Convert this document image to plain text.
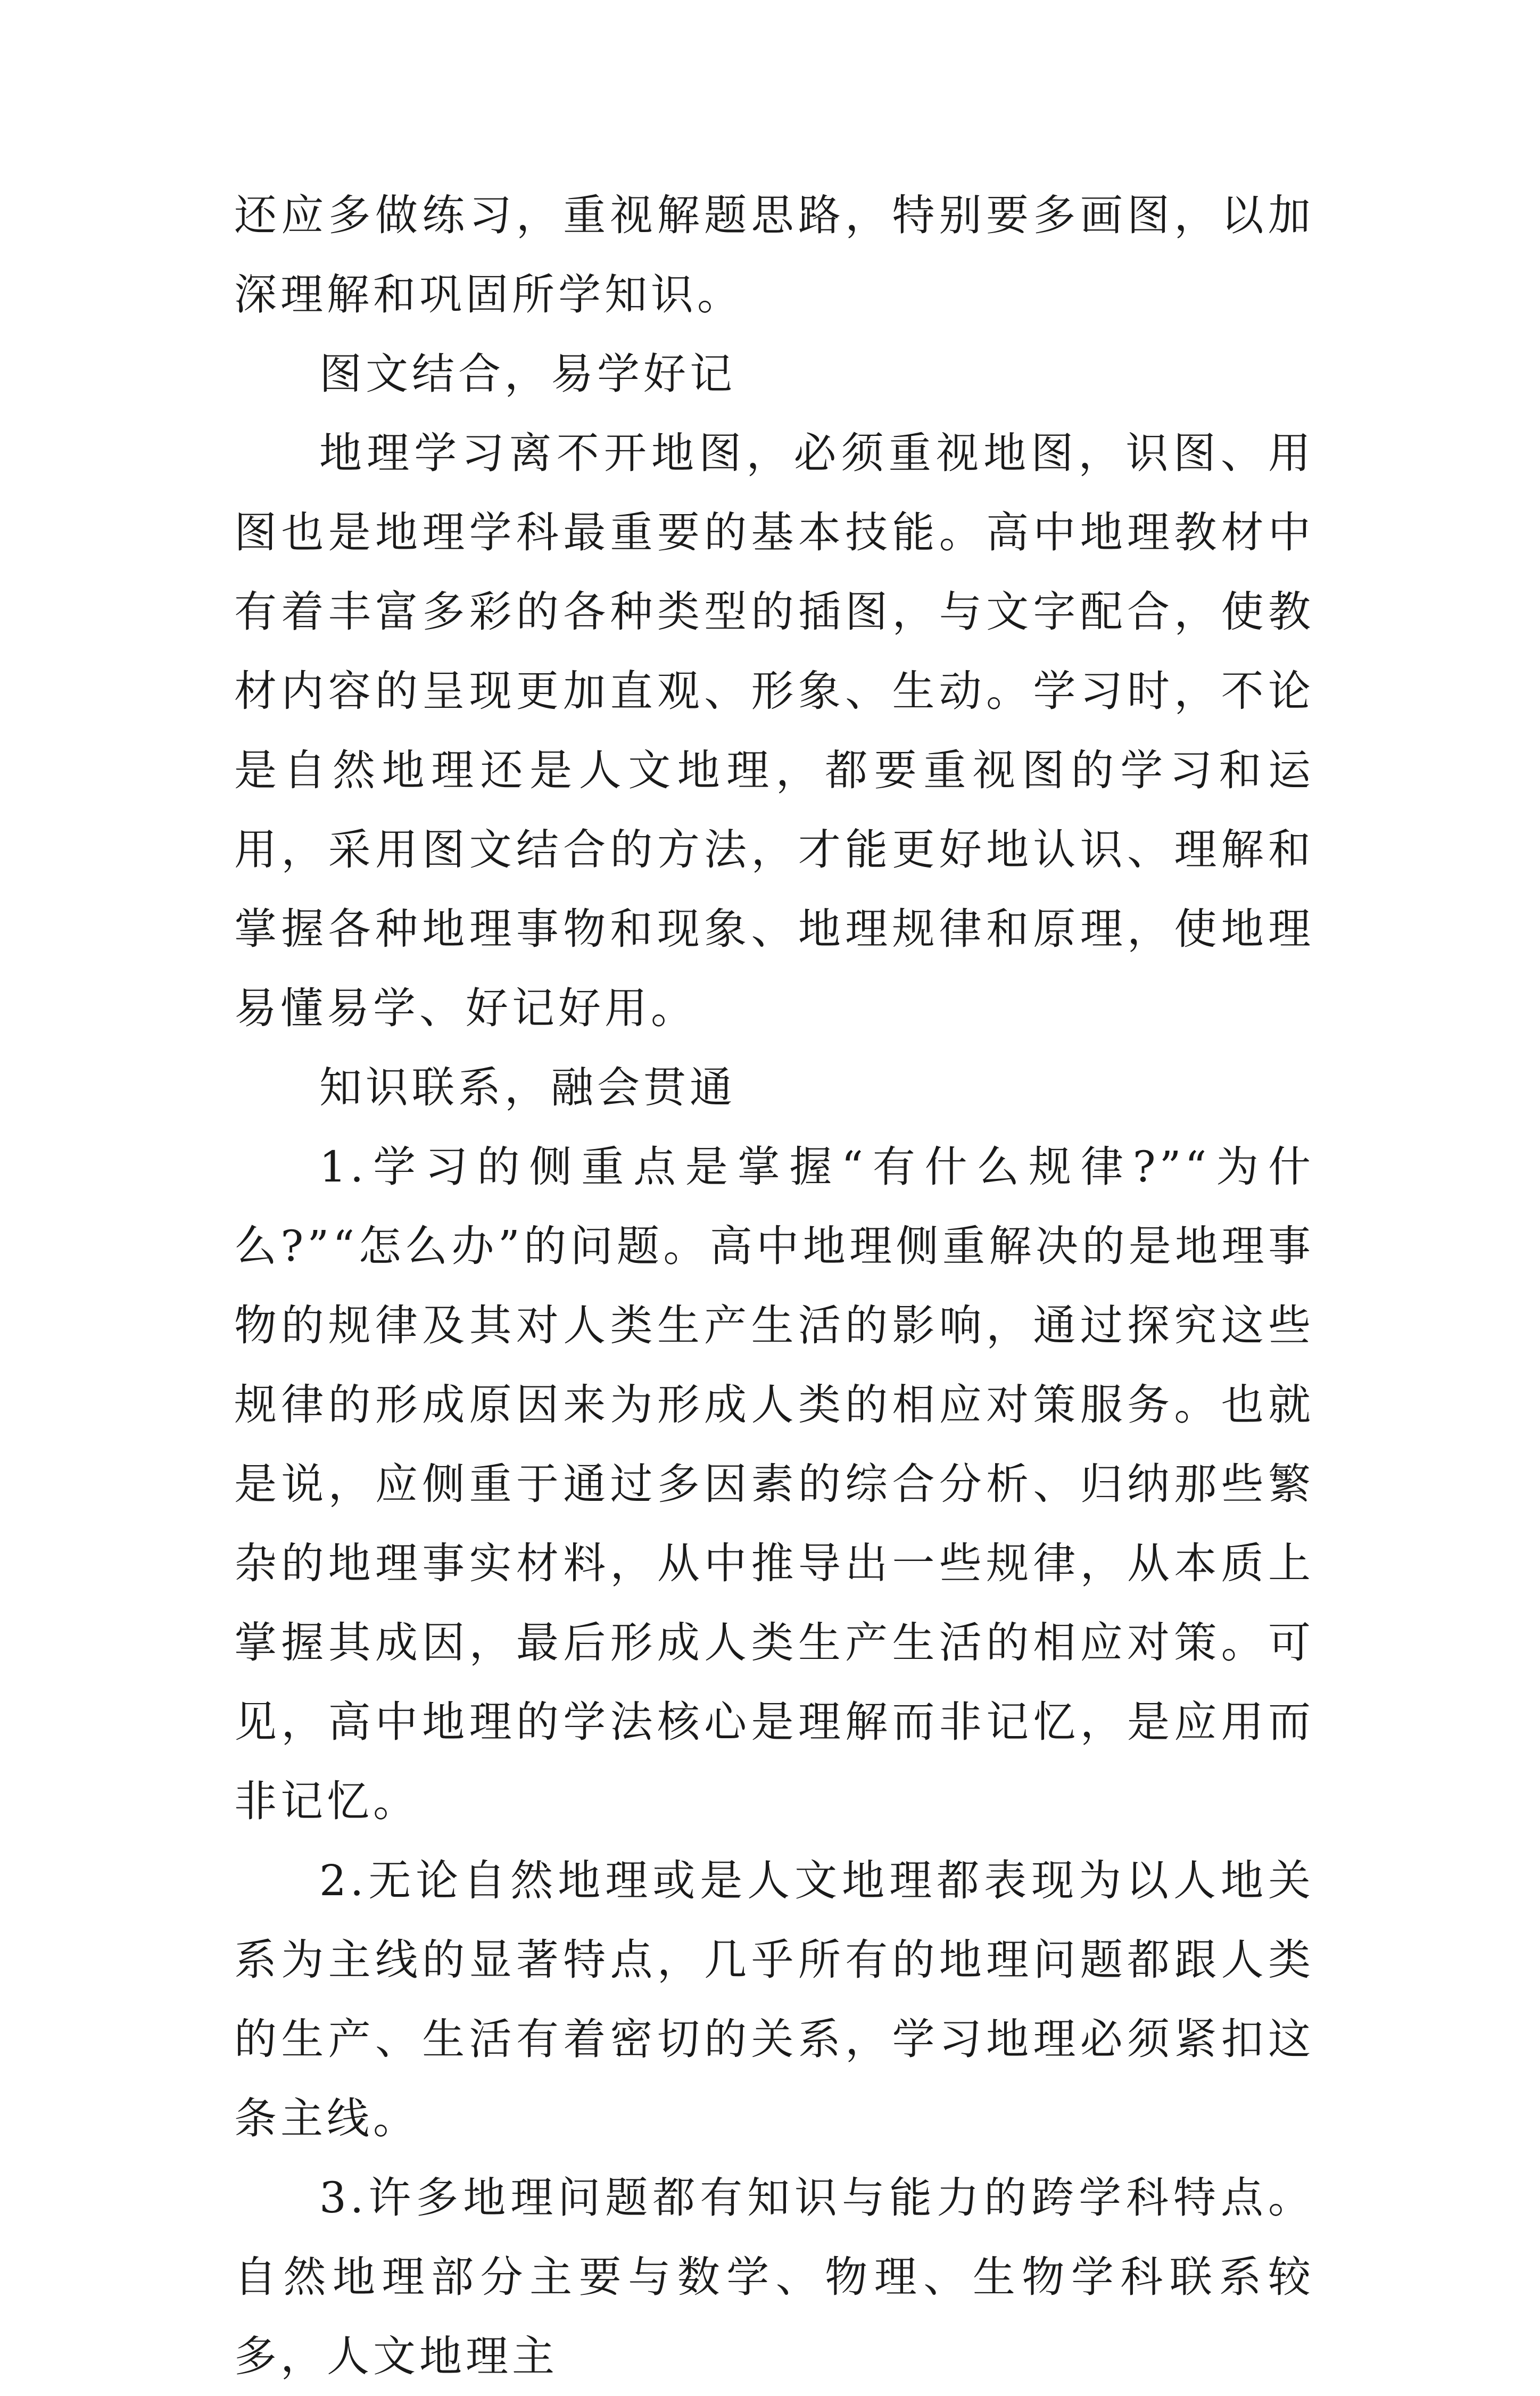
还应多做练习，重视解题思路，特别要多画图，以加深理解和巩固所学知识。

图文结合，易学好记

地理学习离不开地图，必须重视地图，识图、用图也是地理学科最重要的基本技能。高中地理教材中有着丰富多彩的各种类型的插图，与文字配合，使教材内容的呈现更加直观、形象、生动。学习时，不论是自然地理还是人文地理，都要重视图的学习和运用，采用图文结合的方法，才能更好地认识、理解和掌握各种地理事物和现象、地理规律和原理，使地理易懂易学、好记好用。

知识联系，融会贯通

1.学习的侧重点是掌握“有什么规律?”“为什么?”“怎么办”的问题。高中地理侧重解决的是地理事物的规律及其对人类生产生活的影响，通过探究这些规律的形成原因来为形成人类的相应对策服务。也就是说，应侧重于通过多因素的综合分析、归纳那些繁杂的地理事实材料，从中推导出一些规律，从本质上掌握其成因，最后形成人类生产生活的相应对策。可见，高中地理的学法核心是理解而非记忆，是应用而非记忆。

2.无论自然地理或是人文地理都表现为以人地关系为主线的显著特点，几乎所有的地理问题都跟人类的生产、生活有着密切的关系，学习地理必须紧扣这条主线。

3.许多地理问题都有知识与能力的跨学科特点。自然地理部分主要与数学、物理、生物学科联系较多，人文地理主
